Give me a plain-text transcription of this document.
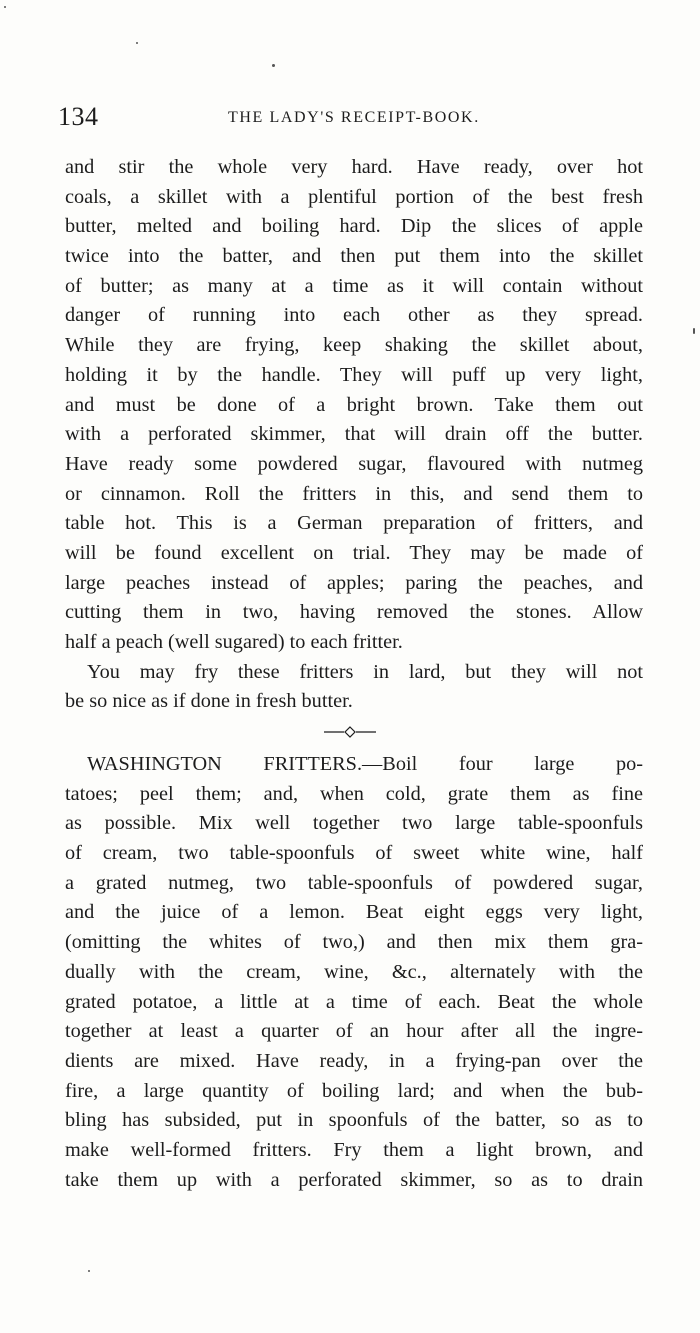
134	THE LADY'S RECEIPT-BOOK.
and stir the whole very hard. Have ready, over hot
coals, a skillet with a plentiful portion of the best fresh
butter, melted and boiling hard. Dip the slices of apple
twice into the batter, and then put them into the skillet
of butter; as many at a time as it will contain without
danger of running into each other as they spread.
While they are frying, keep shaking the skillet about,
holding it by the handle. They will puff up very light,
and must be done of a bright brown. Take them out
with a perforated skimmer, that will drain off the butter.
Have ready some powdered sugar, flavoured with nutmeg
or cinnamon. Roll the fritters in this, and send them to
table hot. This is a German preparation of fritters, and
will be found excellent on trial. They may be made of
large peaches instead of apples; paring the peaches, and
cutting them in two, having removed the stones. Allow
half a peach (well sugared) to each fritter.
You may fry these fritters in lard, but they will not
be so nice as if done in fresh butter.
WASHINGTON FRITTERS.—Boil four large po-
tatoes; peel them; and, when cold, grate them as fine
as possible. Mix well together two large table-spoonfuls
of cream, two table-spoonfuls of sweet white wine, half
a grated nutmeg, two table-spoonfuls of powdered sugar,
and the juice of a lemon. Beat eight eggs very light,
(omitting the whites of two,) and then mix them gra-
dually with the cream, wine, &c., alternately with the
grated potatoe, a little at a time of each. Beat the whole
together at least a quarter of an hour after all the ingre-
dients are mixed. Have ready, in a frying-pan over the
fire, a large quantity of boiling lard; and when the bub-
bling has subsided, put in spoonfuls of the batter, so as to
make well-formed fritters. Fry them a light brown, and
take them up with a perforated skimmer, so as to drain
